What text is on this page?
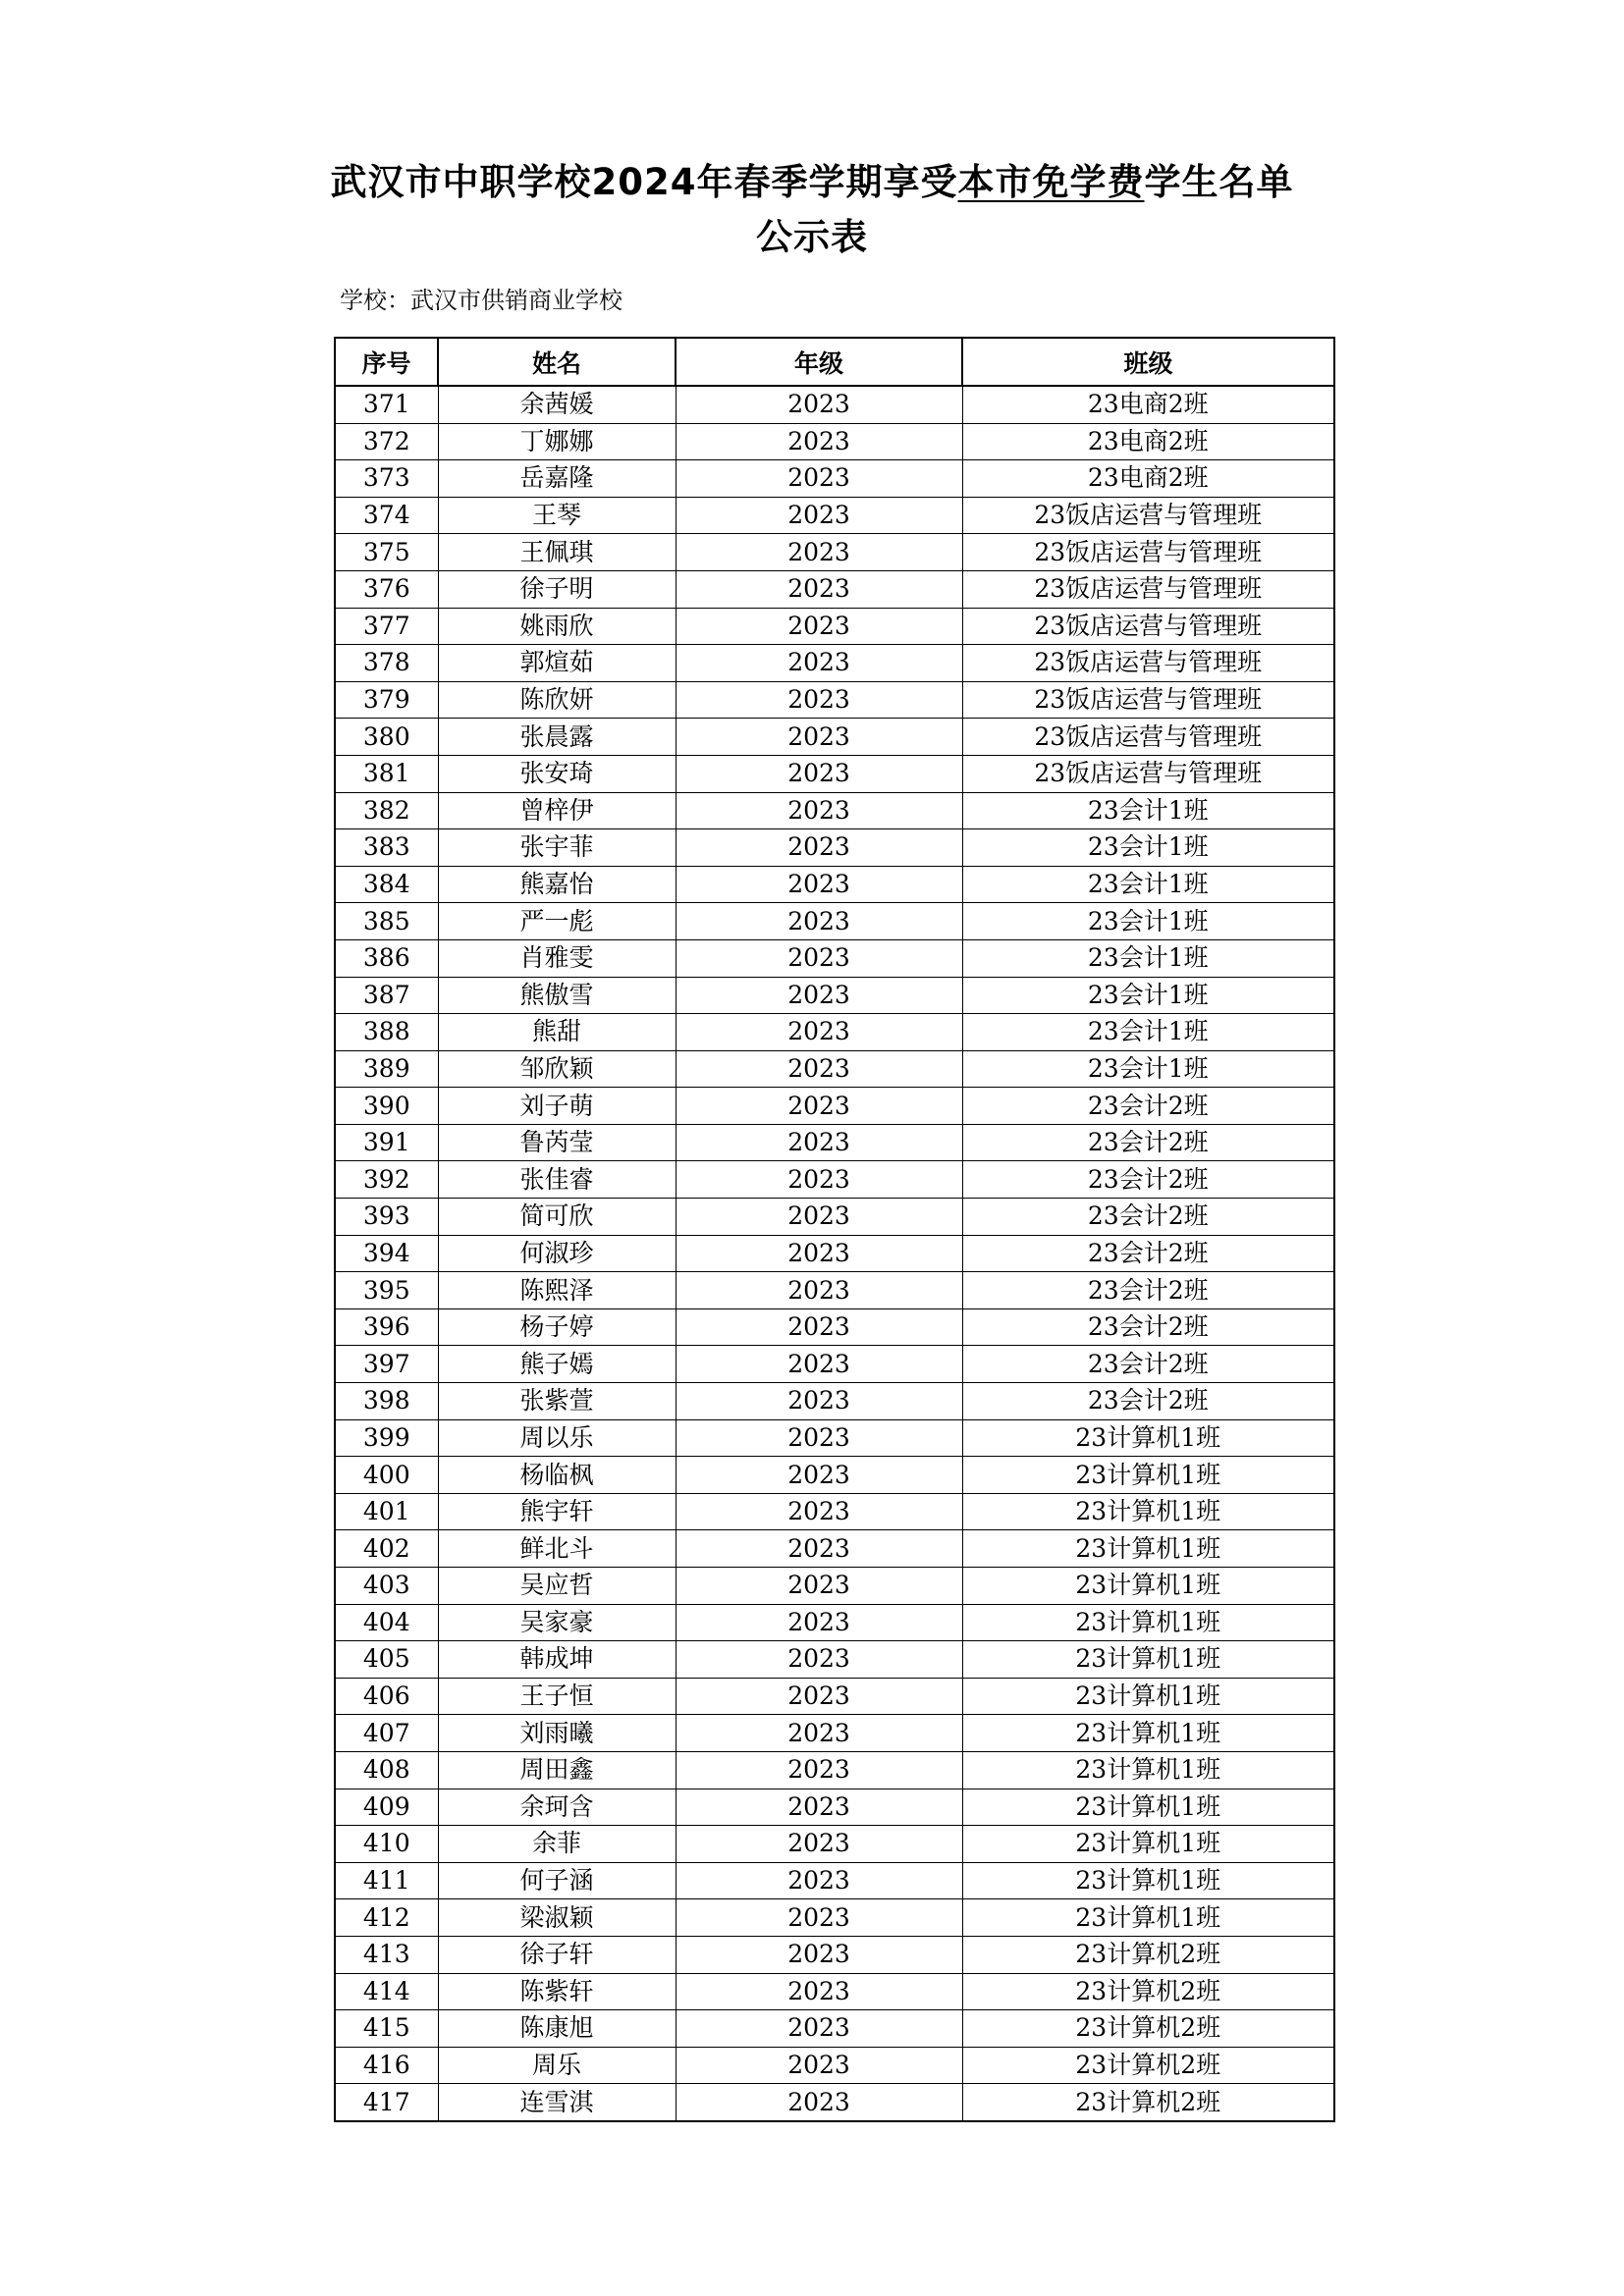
武汉市中职学校2024年春季学期享受本市免学费学生名单
公示表
学校：武汉市供销商业学校
序号	姓名	年级	班级
371	余茜媛	2023	23电商2班
372	丁娜娜	2023	23电商2班
373	岳嘉隆	2023	23电商2班
374	王琴	2023	23饭店运营与管理班
375	王佩琪	2023	23饭店运营与管理班
376	徐子明	2023	23饭店运营与管理班
377	姚雨欣	2023	23饭店运营与管理班
378	郭煊茹	2023	23饭店运营与管理班
379	陈欣妍	2023	23饭店运营与管理班
380	张晨露	2023	23饭店运营与管理班
381	张安琦	2023	23饭店运营与管理班
382	曾梓伊	2023	23会计1班
383	张宇菲	2023	23会计1班
384	熊嘉怡	2023	23会计1班
385	严一彪	2023	23会计1班
386	肖雅雯	2023	23会计1班
387	熊傲雪	2023	23会计1班
388	熊甜	2023	23会计1班
389	邹欣颖	2023	23会计1班
390	刘子萌	2023	23会计2班
391	鲁芮莹	2023	23会计2班
392	张佳睿	2023	23会计2班
393	简可欣	2023	23会计2班
394	何淑珍	2023	23会计2班
395	陈熙泽	2023	23会计2班
396	杨子婷	2023	23会计2班
397	熊子嫣	2023	23会计2班
398	张紫萱	2023	23会计2班
399	周以乐	2023	23计算机1班
400	杨临枫	2023	23计算机1班
401	熊宇轩	2023	23计算机1班
402	鲜北斗	2023	23计算机1班
403	吴应哲	2023	23计算机1班
404	吴家豪	2023	23计算机1班
405	韩成坤	2023	23计算机1班
406	王子恒	2023	23计算机1班
407	刘雨曦	2023	23计算机1班
408	周田鑫	2023	23计算机1班
409	余珂含	2023	23计算机1班
410	余菲	2023	23计算机1班
411	何子涵	2023	23计算机1班
412	梁淑颖	2023	23计算机1班
413	徐子轩	2023	23计算机2班
414	陈紫轩	2023	23计算机2班
415	陈康旭	2023	23计算机2班
416	周乐	2023	23计算机2班
417	连雪淇	2023	23计算机2班
